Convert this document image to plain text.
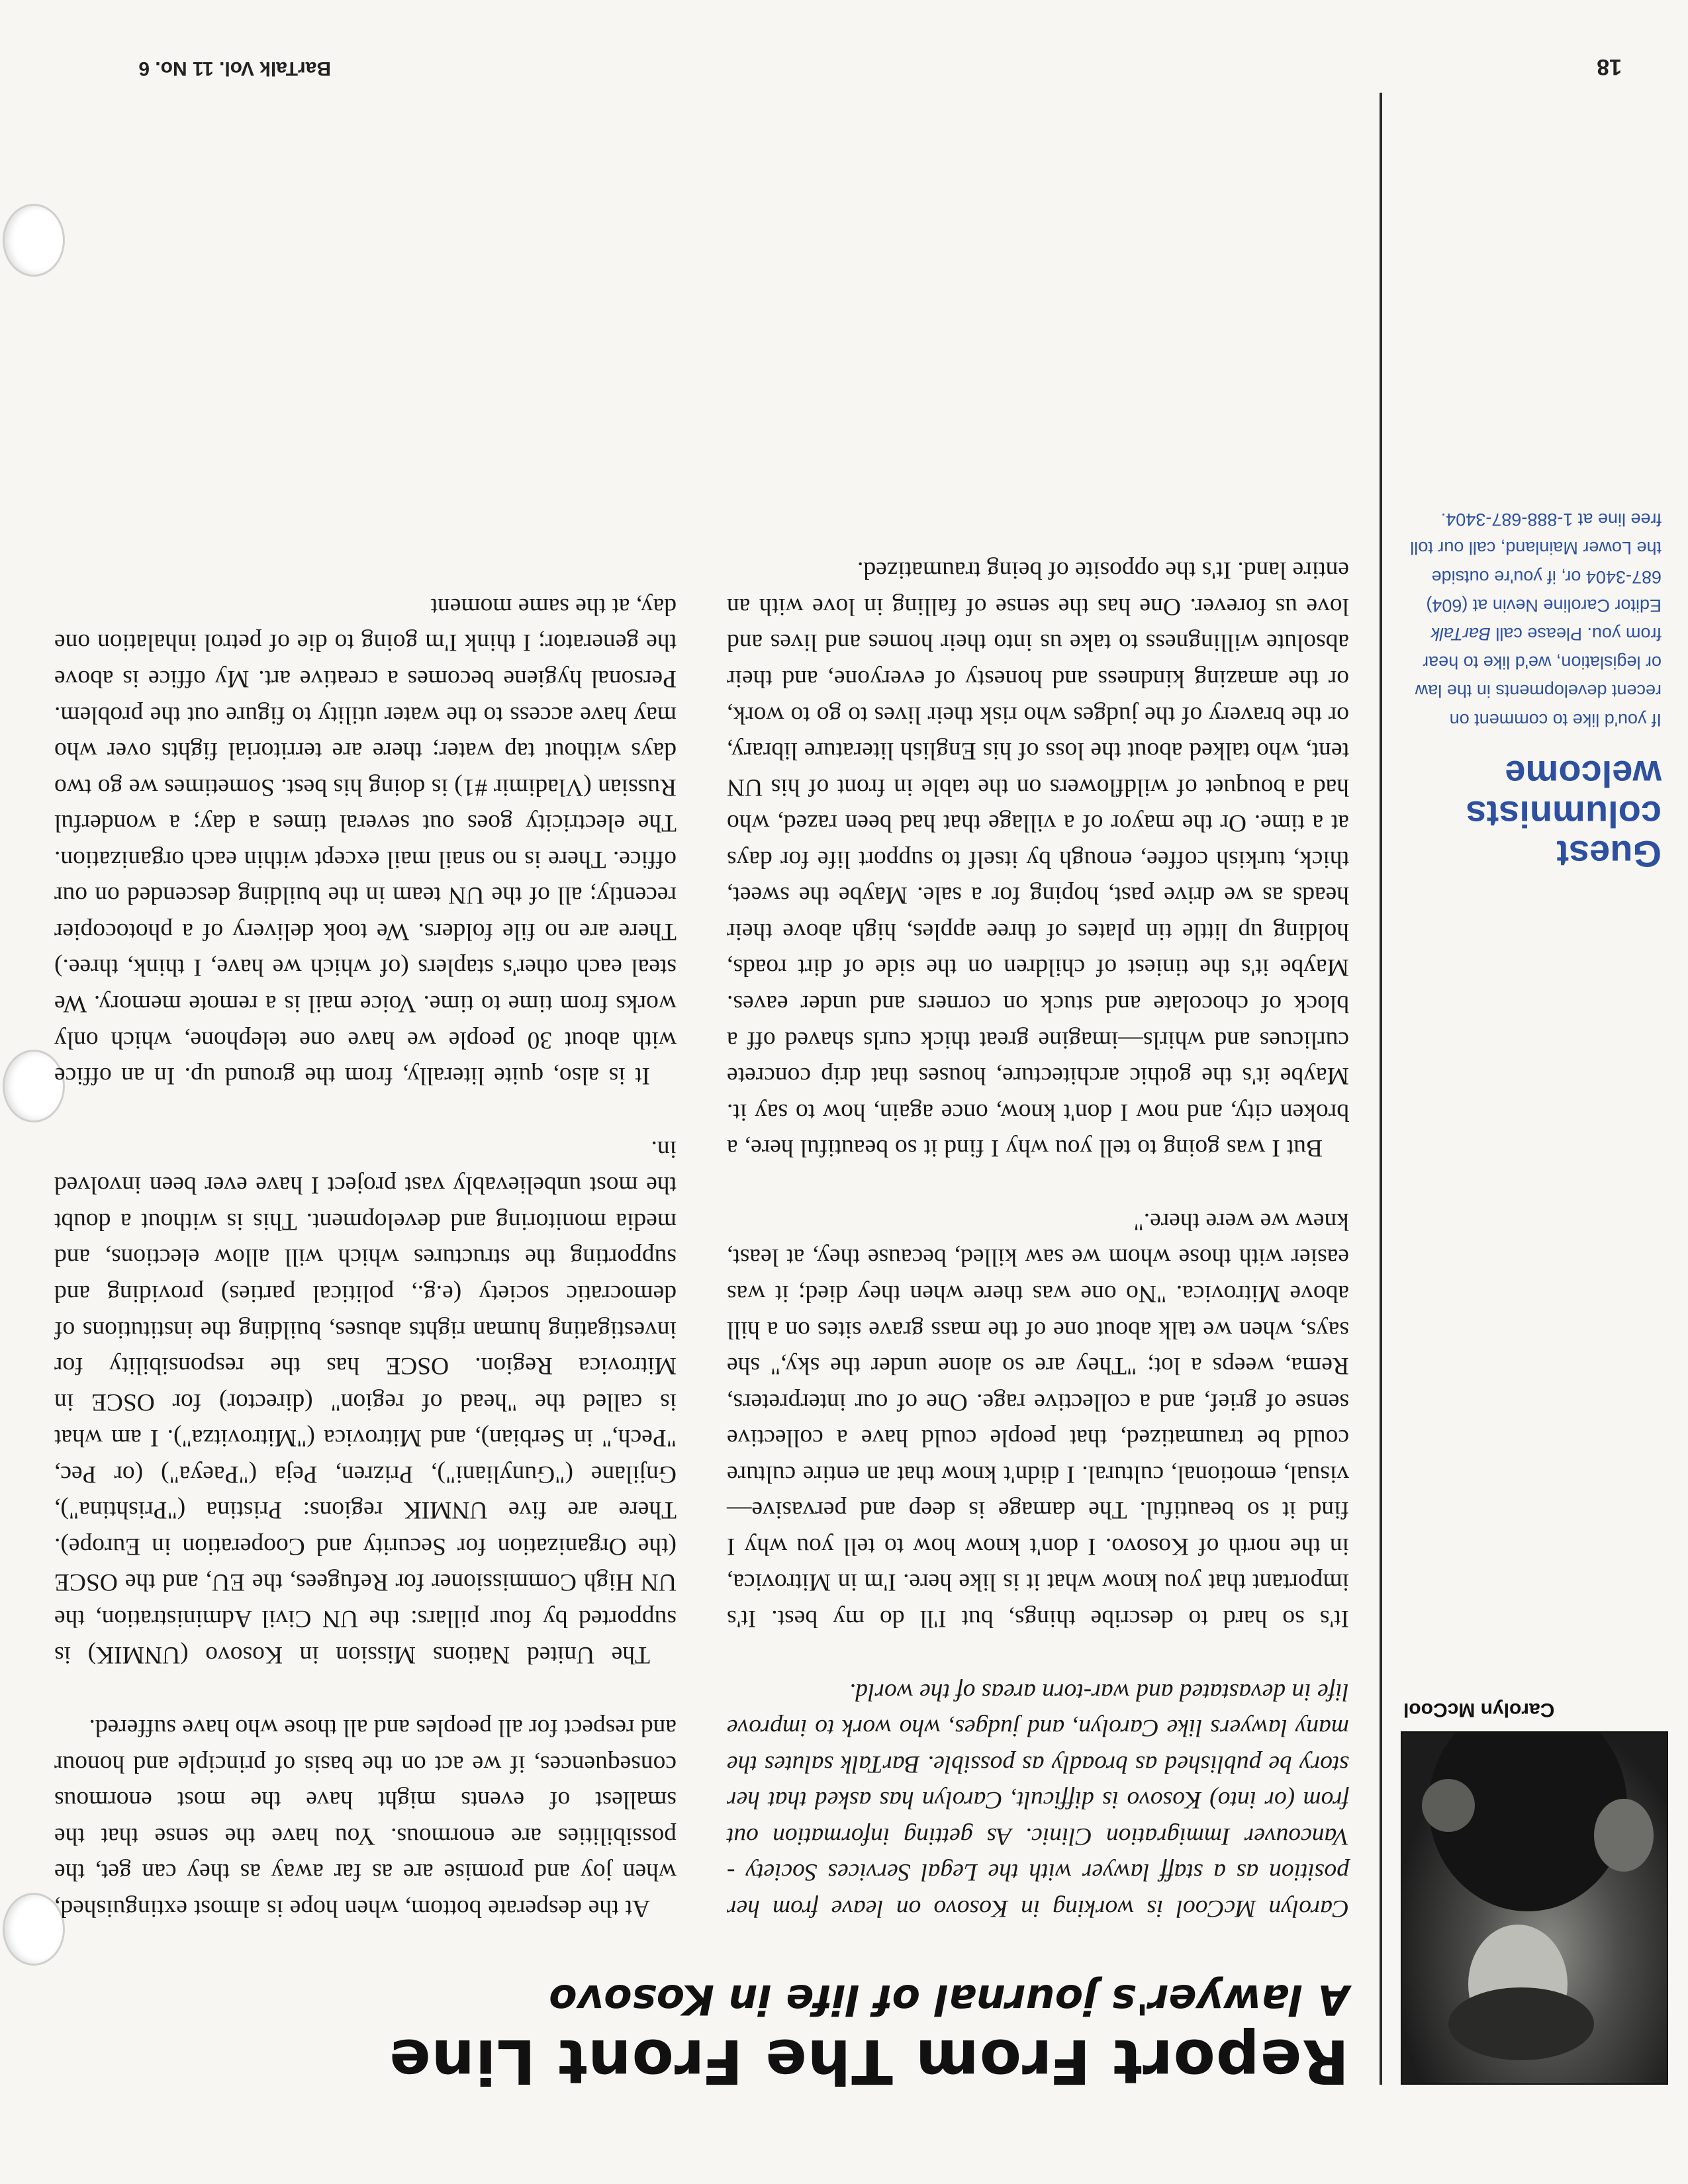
Carolyn McCool
Guest
columnists
welcome

If you'd like to comment on recent developments in the law or legislation, we'd like to hear from you. Please call BarTalk Editor Caroline Nevin at (604) 687-3404 or, if you're outside the Lower Mainland, call our toll free line at 1-888-687-3404.

Report From The Front Line
A lawyer's journal of life in Kosovo

Carolyn McCool is working in Kosovo on leave from her position as a staff lawyer with the Legal Services Society - Vancouver Immigration Clinic. As getting information out from (or into) Kosovo is difficult, Carolyn has asked that her story be published as broadly as possible. BarTalk salutes the many lawyers like Carolyn, and judges, who work to improve life in devastated and war-torn areas of the world.

It's so hard to describe things, but I'll do my best. It's important that you know what it is like here. I'm in Mitrovica, in the north of Kosovo. I don't know how to tell you why I find it so beautiful. The damage is deep and pervasive—visual, emotional, cultural. I didn't know that an entire culture could be traumatized, that people could have a collective sense of grief, and a collective rage. One of our interpreters, Rema, weeps a lot; "They are so alone under the sky," she says, when we talk about one of the mass grave sites on a hill above Mitrovica. "No one was there when they died; it was easier with those whom we saw killed, because they, at least, knew we were there."

But I was going to tell you why I find it so beautiful here, a broken city, and now I don't know, once again, how to say it. Maybe it's the gothic architecture, houses that drip concrete curlicues and whirls—imagine great thick curls shaved off a block of chocolate and stuck on corners and under eaves. Maybe it's the tiniest of children on the side of dirt roads, holding up little tin plates of three apples, high above their heads as we drive past, hoping for a sale. Maybe the sweet, thick, turkish coffee, enough by itself to support life for days at a time. Or the mayor of a village that had been razed, who had a bouquet of wildflowers on the table in front of his UN tent, who talked about the loss of his English literature library, or the bravery of the judges who risk their lives to go to work, or the amazing kindness and honesty of everyone, and their absolute willingness to take us into their homes and lives and love us forever. One has the sense of falling in love with an entire land. It's the opposite of being traumatized.

At the desperate bottom, when hope is almost extinguished, when joy and promise are as far away as they can get, the possibilities are enormous. You have the sense that the smallest of events might have the most enormous consequences, if we act on the basis of principle and honour and respect for all peoples and all those who have suffered.

The United Nations Mission in Kosovo (UNMIK) is supported by four pillars: the UN Civil Administration, the UN High Commissioner for Refugees, the EU, and the OSCE (the Organization for Security and Cooperation in Europe). There are five UNMIK regions: Pristina ("Prishtina"), Gnjilane ("Gunyliani"), Prizren, Peja ("Paeya") (or Pec, "Pech," in Serbian), and Mitrovica ("Mitrovitza"). I am what is called the "head of region" (director) for OSCE in Mitrovica Region. OSCE has the responsibility for investigating human rights abuses, building the institutions of democratic society (e.g., political parties) providing and supporting the structures which will allow elections, and media monitoring and development. This is without a doubt the most unbelievably vast project I have ever been involved in.

It is also, quite literally, from the ground up. In an office with about 30 people we have one telephone, which only works from time to time. Voice mail is a remote memory. We steal each other's staplers (of which we have, I think, three.) There are no file folders. We took delivery of a photocopier recently; all of the UN team in the building descended on our office. There is no snail mail except within each organization. The electricity goes out several times a day; a wonderful Russian (Vladimir #1) is doing his best. Sometimes we go two days without tap water; there are territorial fights over who may have access to the water utility to figure out the problem. Personal hygiene becomes a creative art. My office is above the generator; I think I'm going to die of petrol inhalation one day, at the same moment

18
BarTalk Vol. 11 No. 6
